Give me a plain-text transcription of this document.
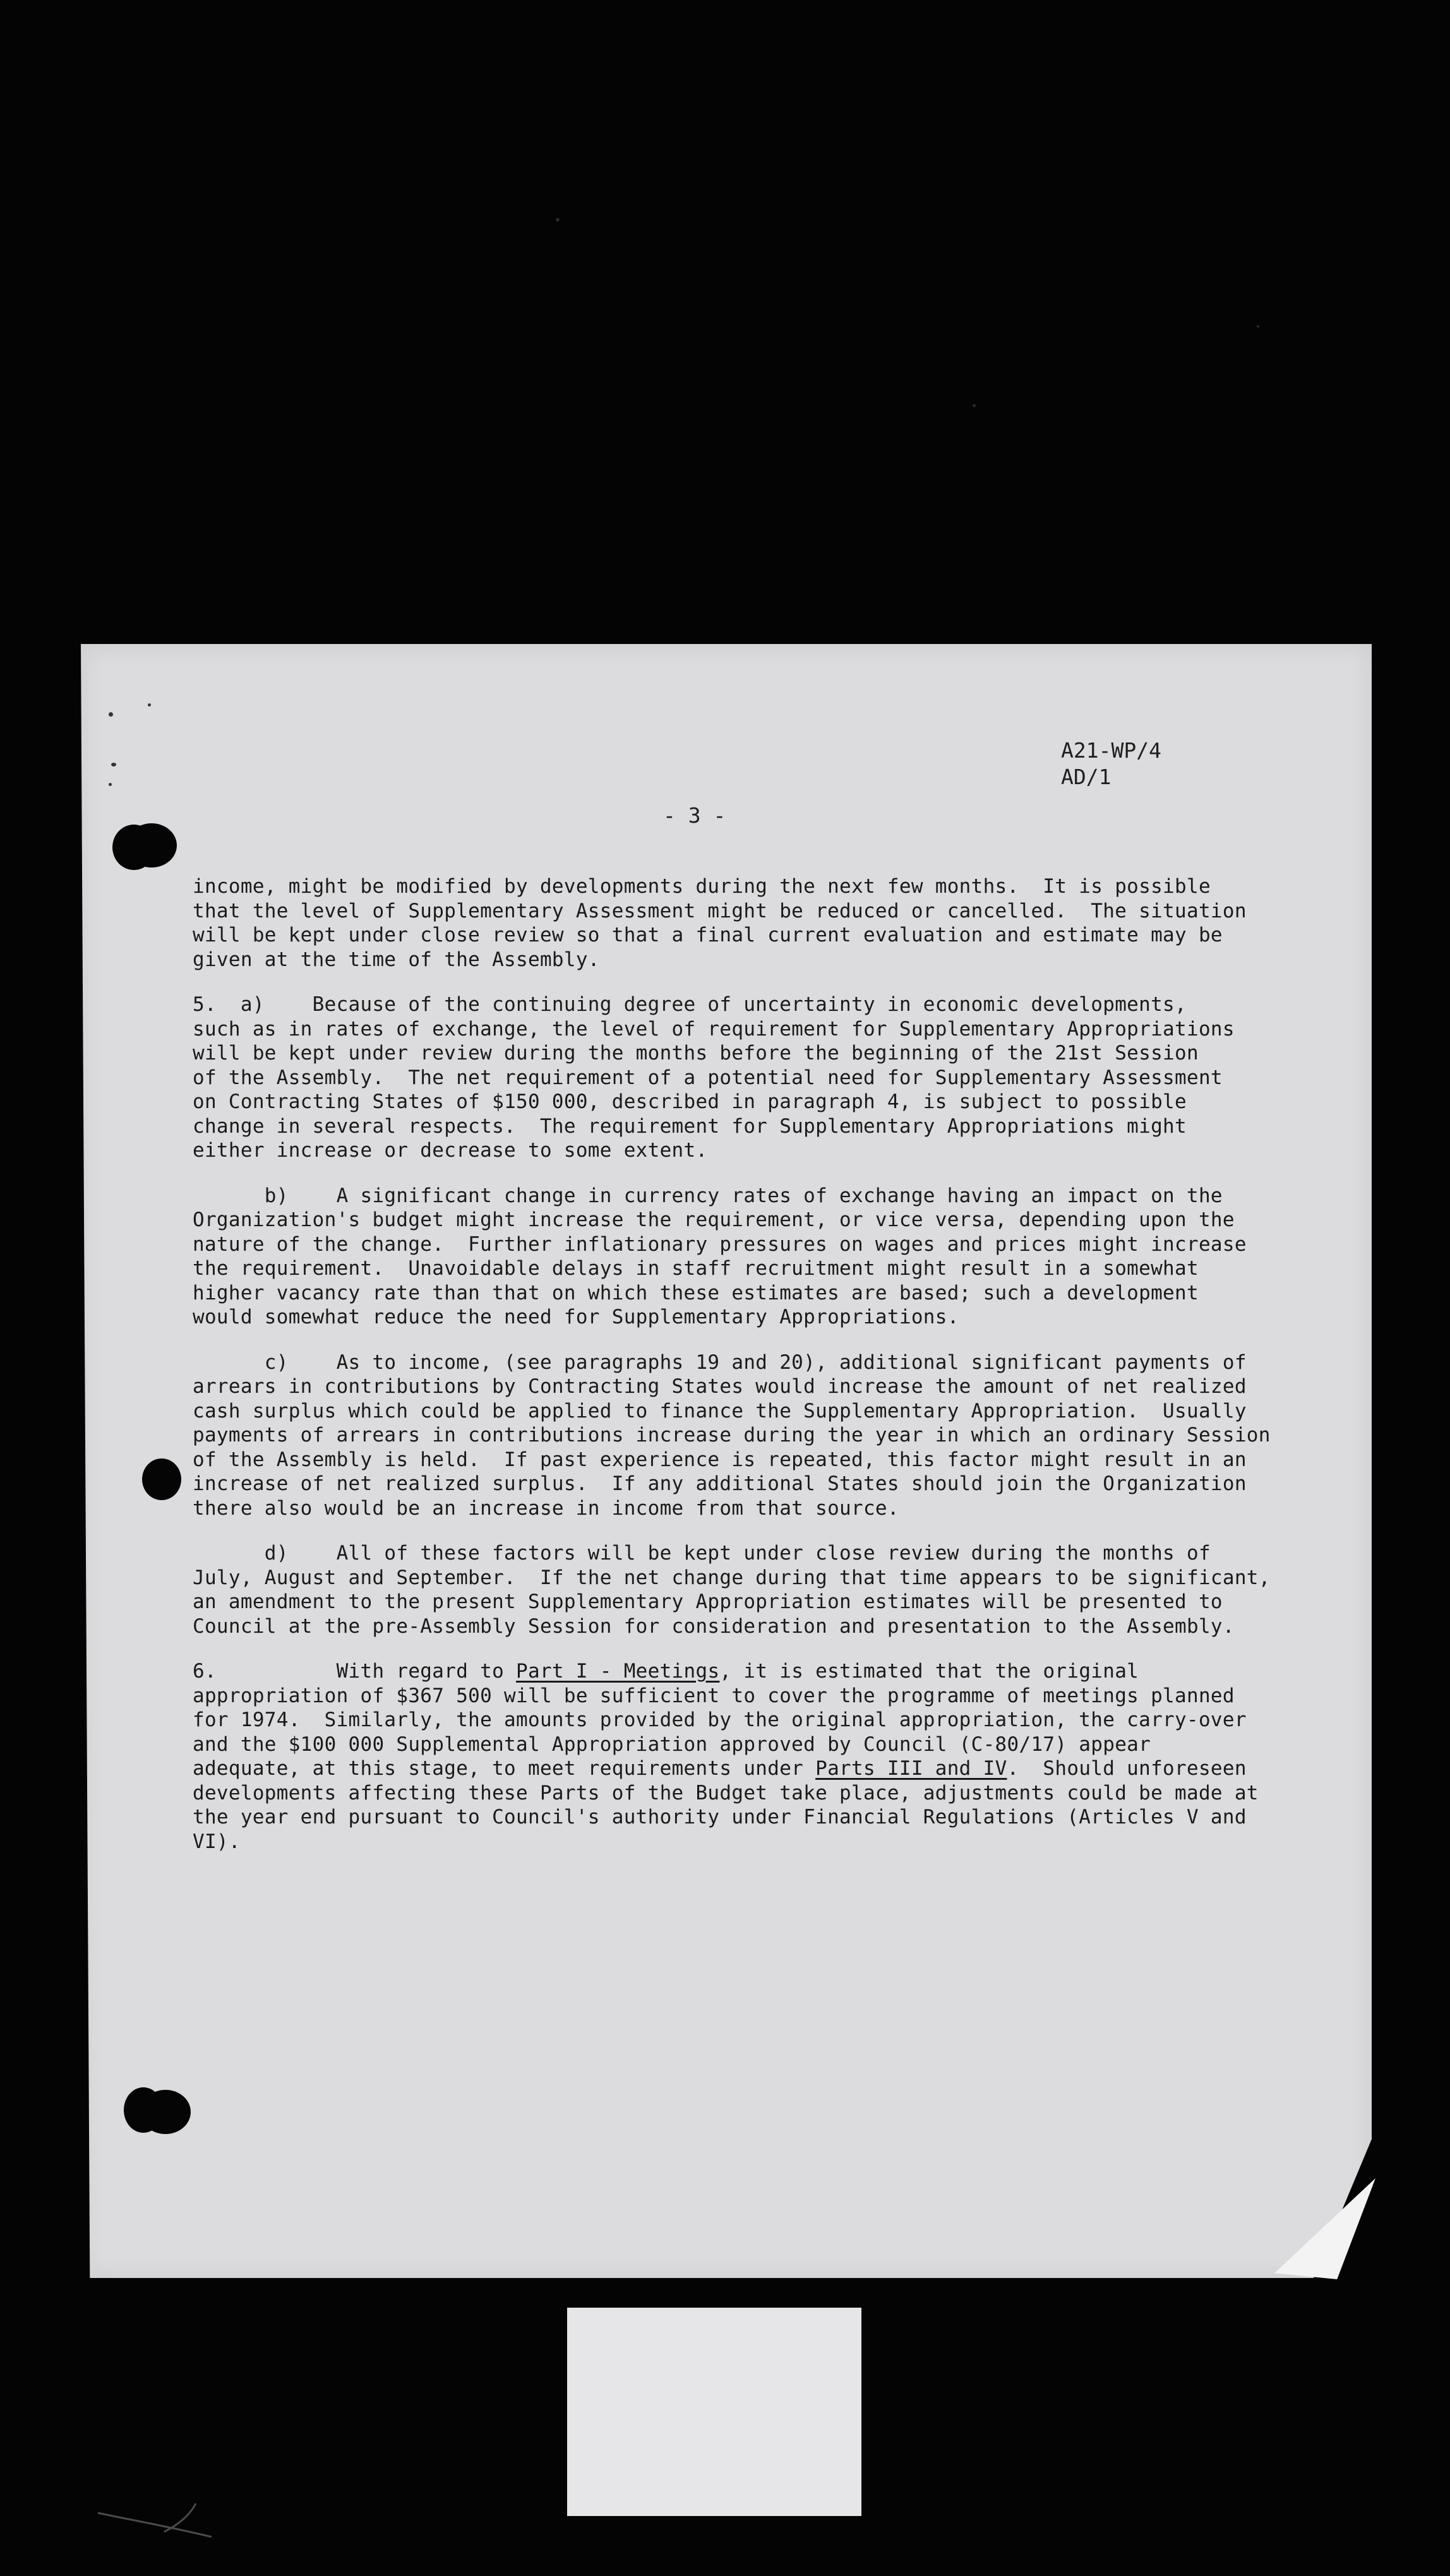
A21-WP/4
AD/1
- 3 -
income, might be modified by developments during the next few months.  It is possible
that the level of Supplementary Assessment might be reduced or cancelled.  The situation
will be kept under close review so that a final current evaluation and estimate may be
given at the time of the Assembly.
5.  a)    Because of the continuing degree of uncertainty in economic developments,
such as in rates of exchange, the level of requirement for Supplementary Appropriations
will be kept under review during the months before the beginning of the 21st Session
of the Assembly.  The net requirement of a potential need for Supplementary Assessment
on Contracting States of $150 000, described in paragraph 4, is subject to possible
change in several respects.  The requirement for Supplementary Appropriations might
either increase or decrease to some extent.
b)    A significant change in currency rates of exchange having an impact on the
Organization's budget might increase the requirement, or vice versa, depending upon the
nature of the change.  Further inflationary pressures on wages and prices might increase
the requirement.  Unavoidable delays in staff recruitment might result in a somewhat
higher vacancy rate than that on which these estimates are based; such a development
would somewhat reduce the need for Supplementary Appropriations.
c)    As to income, (see paragraphs 19 and 20), additional significant payments of
arrears in contributions by Contracting States would increase the amount of net realized
cash surplus which could be applied to finance the Supplementary Appropriation.  Usually
payments of arrears in contributions increase during the year in which an ordinary Session
of the Assembly is held.  If past experience is repeated, this factor might result in an
increase of net realized surplus.  If any additional States should join the Organization
there also would be an increase in income from that source.
d)    All of these factors will be kept under close review during the months of
July, August and September.  If the net change during that time appears to be significant,
an amendment to the present Supplementary Appropriation estimates will be presented to
Council at the pre-Assembly Session for consideration and presentation to the Assembly.
6.          With regard to Part I - Meetings, it is estimated that the original
appropriation of $367 500 will be sufficient to cover the programme of meetings planned
for 1974.  Similarly, the amounts provided by the original appropriation, the carry-over
and the $100 000 Supplemental Appropriation approved by Council (C-80/17) appear
adequate, at this stage, to meet requirements under Parts III and IV.  Should unforeseen
developments affecting these Parts of the Budget take place, adjustments could be made at
the year end pursuant to Council's authority under Financial Regulations (Articles V and
VI).
